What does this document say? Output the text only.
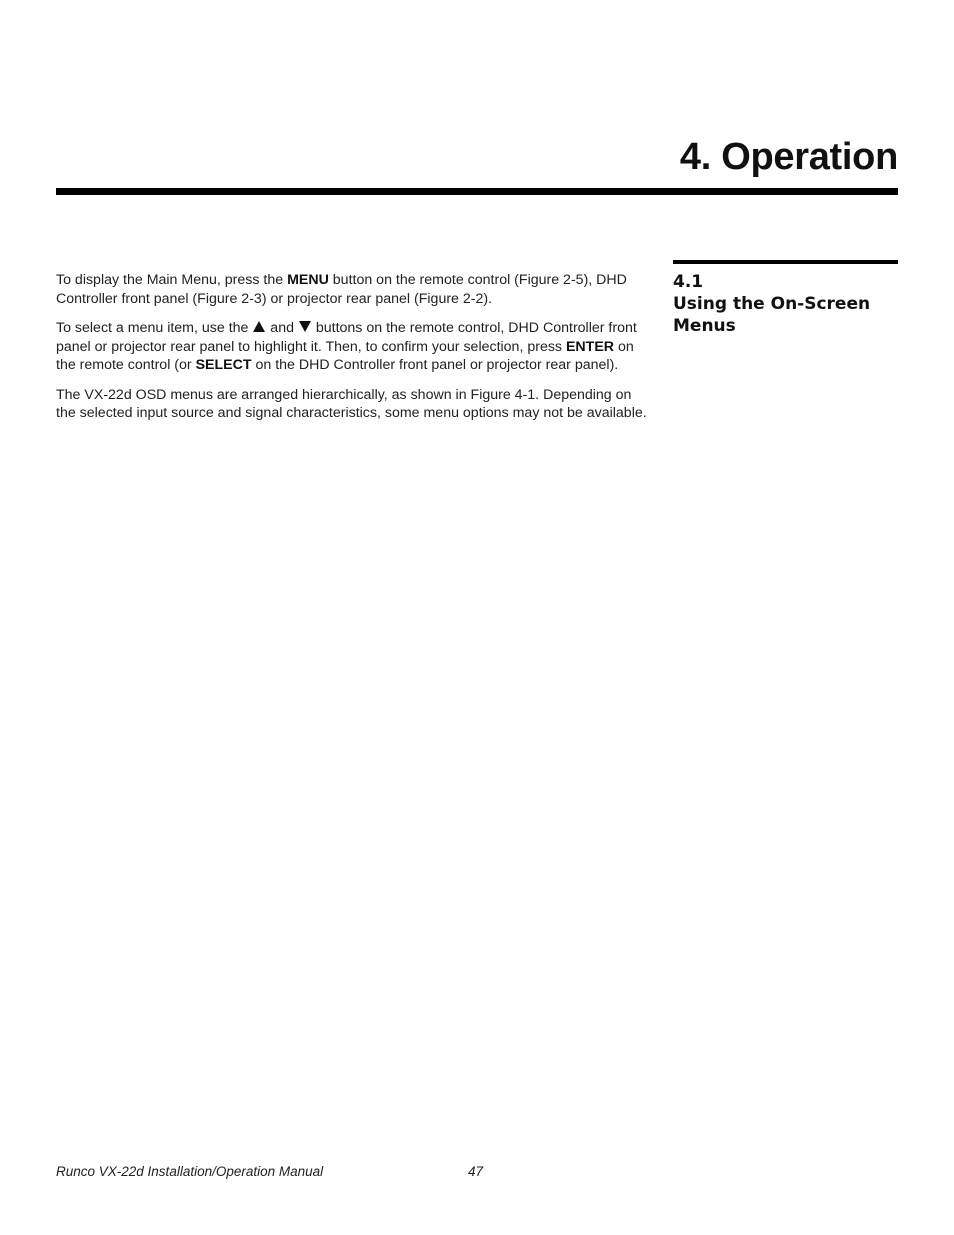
4. Operation
4.1
Using the On-Screen
Menus

To display the Main Menu, press the MENU button on the remote control (Figure 2-5), DHD Controller front panel (Figure 2-3) or projector rear panel (Figure 2-2).

To select a menu item, use the  and  buttons on the remote control, DHD Controller front panel or projector rear panel to highlight it. Then, to confirm your selection, press ENTER on the remote control (or SELECT on the DHD Controller front panel or projector rear panel).

The VX-22d OSD menus are arranged hierarchically, as shown in Figure 4-1. Depending on the selected input source and signal characteristics, some menu options may not be available.

Runco VX-22d Installation/Operation Manual	47
